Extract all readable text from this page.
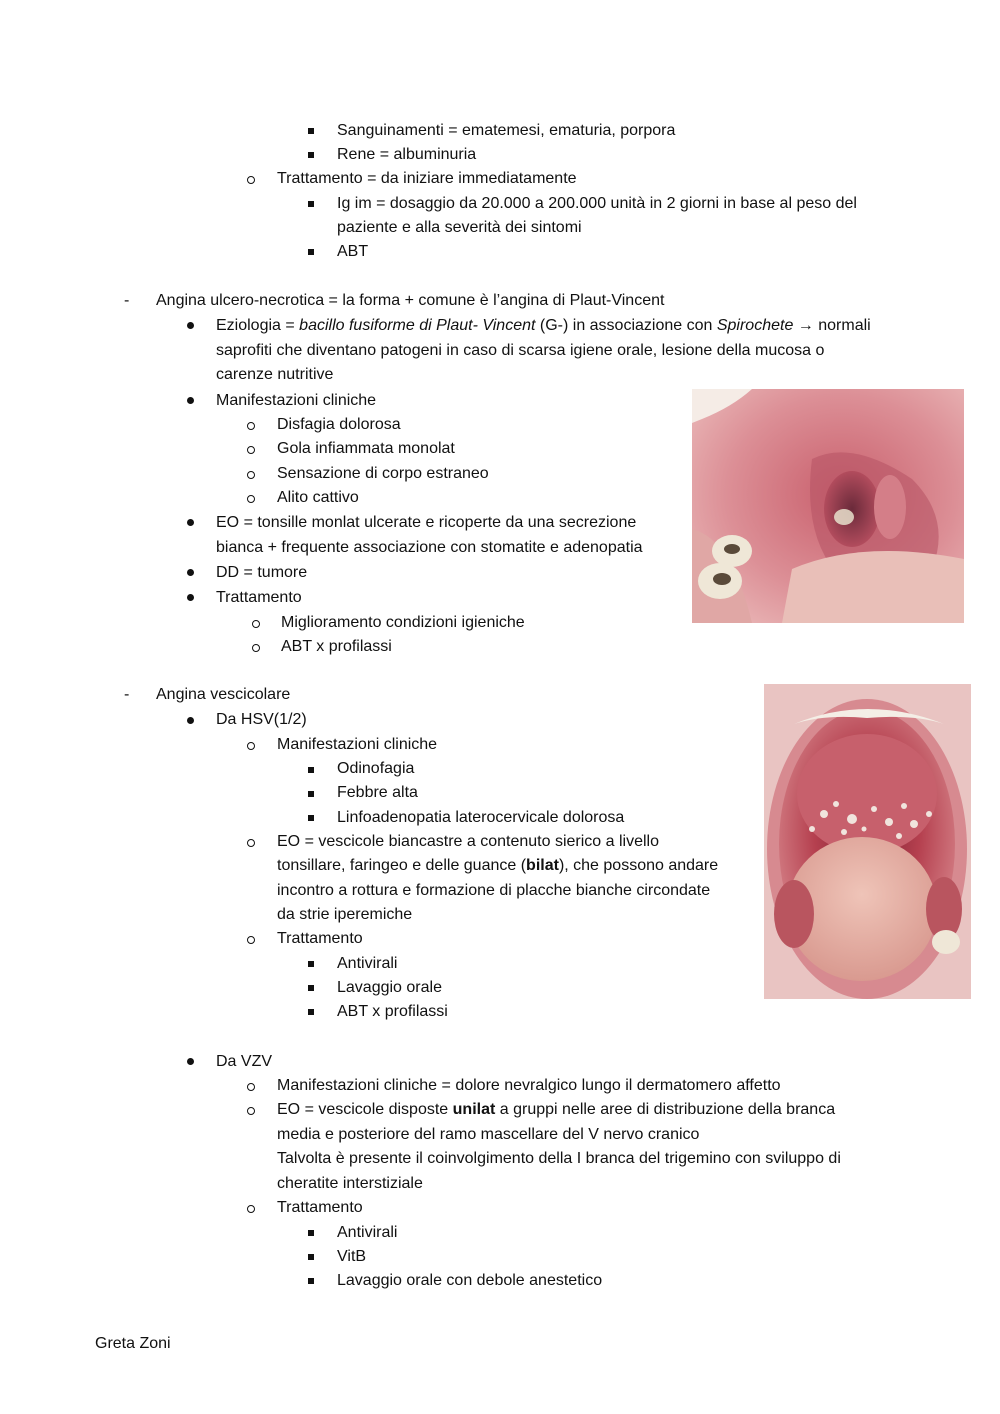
Sanguinamenti = ematemesi, ematuria, porpora
Rene = albuminuria
Trattamento = da iniziare immediatamente
Ig im = dosaggio da 20.000 a 200.000 unità in 2 giorni in base al peso del
paziente e alla severità dei sintomi
ABT
- Angina ulcero-necrotica = la forma + comune è l’angina di Plaut-Vincent
Eziologia = bacillo fusiforme di Plaut- Vincent (G-) in associazione con Spirochete → normali
saprofiti che diventano patogeni in caso di scarsa igiene orale, lesione della mucosa o
carenze nutritive
Manifestazioni cliniche
Disfagia dolorosa
Gola infiammata monolat
Sensazione di corpo estraneo
Alito cattivo
EO = tonsille monlat ulcerate e ricoperte da una secrezione
bianca + frequente associazione con stomatite e adenopatia
DD = tumore
Trattamento
Miglioramento condizioni igieniche
ABT x profilassi
- Angina vescicolare
Da HSV(1/2)
Manifestazioni cliniche
Odinofagia
Febbre alta
Linfoadenopatia laterocervicale dolorosa
EO = vescicole biancastre a contenuto sierico a livello
tonsillare, faringeo e delle guance (bilat), che possono andare
incontro a rottura e formazione di placche bianche circondate
da strie iperemiche
Trattamento
Antivirali
Lavaggio orale
ABT x profilassi
Da VZV
Manifestazioni cliniche = dolore nevralgico lungo il dermatomero affetto
EO = vescicole disposte unilat a gruppi nelle aree di distribuzione della branca
media e posteriore del ramo mascellare del V nervo cranico
Talvolta è presente il coinvolgimento della I branca del trigemino con sviluppo di
cheratite interstiziale
Trattamento
Antivirali
VitB
Lavaggio orale con debole anestetico
Greta Zoni
